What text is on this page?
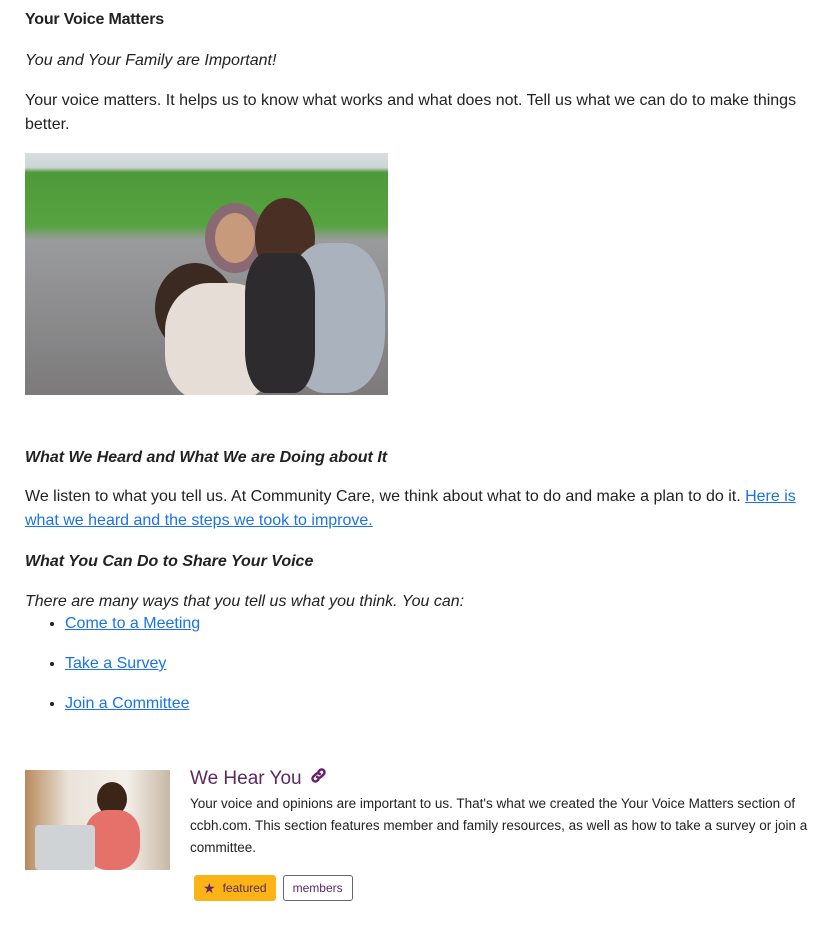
Your Voice Matters

You and Your Family are Important!

Your voice matters. It helps us to know what works and what does not. Tell us what we can do to make things better.

What We Heard and What We are Doing about It

We listen to what you tell us. At Community Care, we think about what to do and make a plan to do it. Here is what we heard and the steps we took to improve.

What You Can Do to Share Your Voice

There are many ways that you tell us what you think. You can:

• Come to a Meeting
• Take a Survey
• Join a Committee
We Hear You
Your voice and opinions are important to us. That's what we created the Your Voice Matters section of ccbh.com. This section features member and family resources, as well as how to take a survey or join a committee.
★ featured members
